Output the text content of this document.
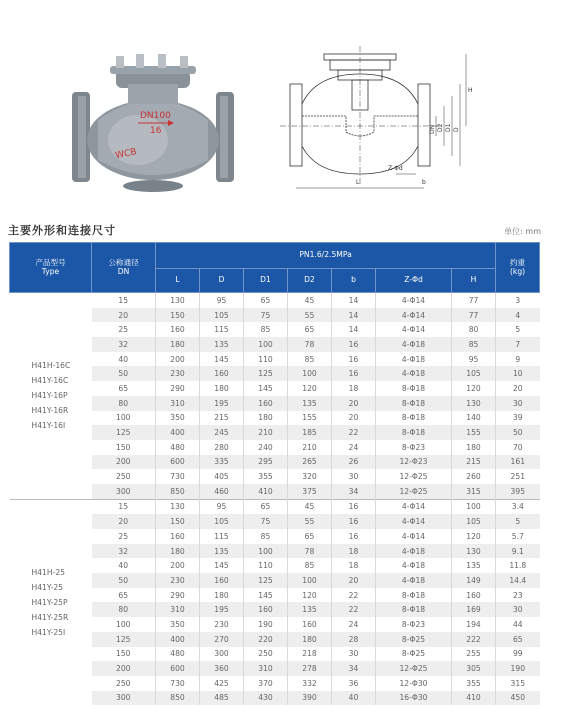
DN100
16
WCB
H
L	b
DN D2 D1 D
Z-Φd
主要外形和连接尺寸	单位: mm
产品型号
Type	公称通径
DN	PN1.6/2.5MPa							约重
(kg)
		L	D	D1	D2	b	Z-Φd	H	

H41H-16C
H41Y-16C
H41Y-16P
H41Y-16R
H41Y-16I	15	130	95	65	45	14	4-Φ14	77	3
	20	150	105	75	55	14	4-Φ14	77	4
	25	160	115	85	65	14	4-Φ14	80	5
	32	180	135	100	78	16	4-Φ18	85	7
	40	200	145	110	85	16	4-Φ18	95	9
	50	230	160	125	100	16	4-Φ18	105	10
	65	290	180	145	120	18	8-Φ18	120	20
	80	310	195	160	135	20	8-Φ18	130	30
	100	350	215	180	155	20	8-Φ18	140	39
	125	400	245	210	185	22	8-Φ18	155	50
	150	480	280	240	210	24	8-Φ23	180	70
	200	600	335	295	265	26	12-Φ23	215	161
	250	730	405	355	320	30	12-Φ25	260	251
	300	850	460	410	375	34	12-Φ25	315	395

H41H-25
H41Y-25
H41Y-25P
H41Y-25R
H41Y-25I	15	130	95	65	45	16	4-Φ14	100	3.4
	20	150	105	75	55	16	4-Φ14	105	5
	25	160	115	85	65	16	4-Φ14	120	5.7
	32	180	135	100	78	18	4-Φ18	130	9.1
	40	200	145	110	85	18	4-Φ18	135	11.8
	50	230	160	125	100	20	4-Φ18	149	14.4
	65	290	180	145	120	22	8-Φ18	160	23
	80	310	195	160	135	22	8-Φ18	169	30
	100	350	230	190	160	24	8-Φ23	194	44
	125	400	270	220	180	28	8-Φ25	222	65
	150	480	300	250	218	30	8-Φ25	255	99
	200	600	360	310	278	34	12-Φ25	305	190
	250	730	425	370	332	36	12-Φ30	355	315
	300	850	485	430	390	40	16-Φ30	410	450
